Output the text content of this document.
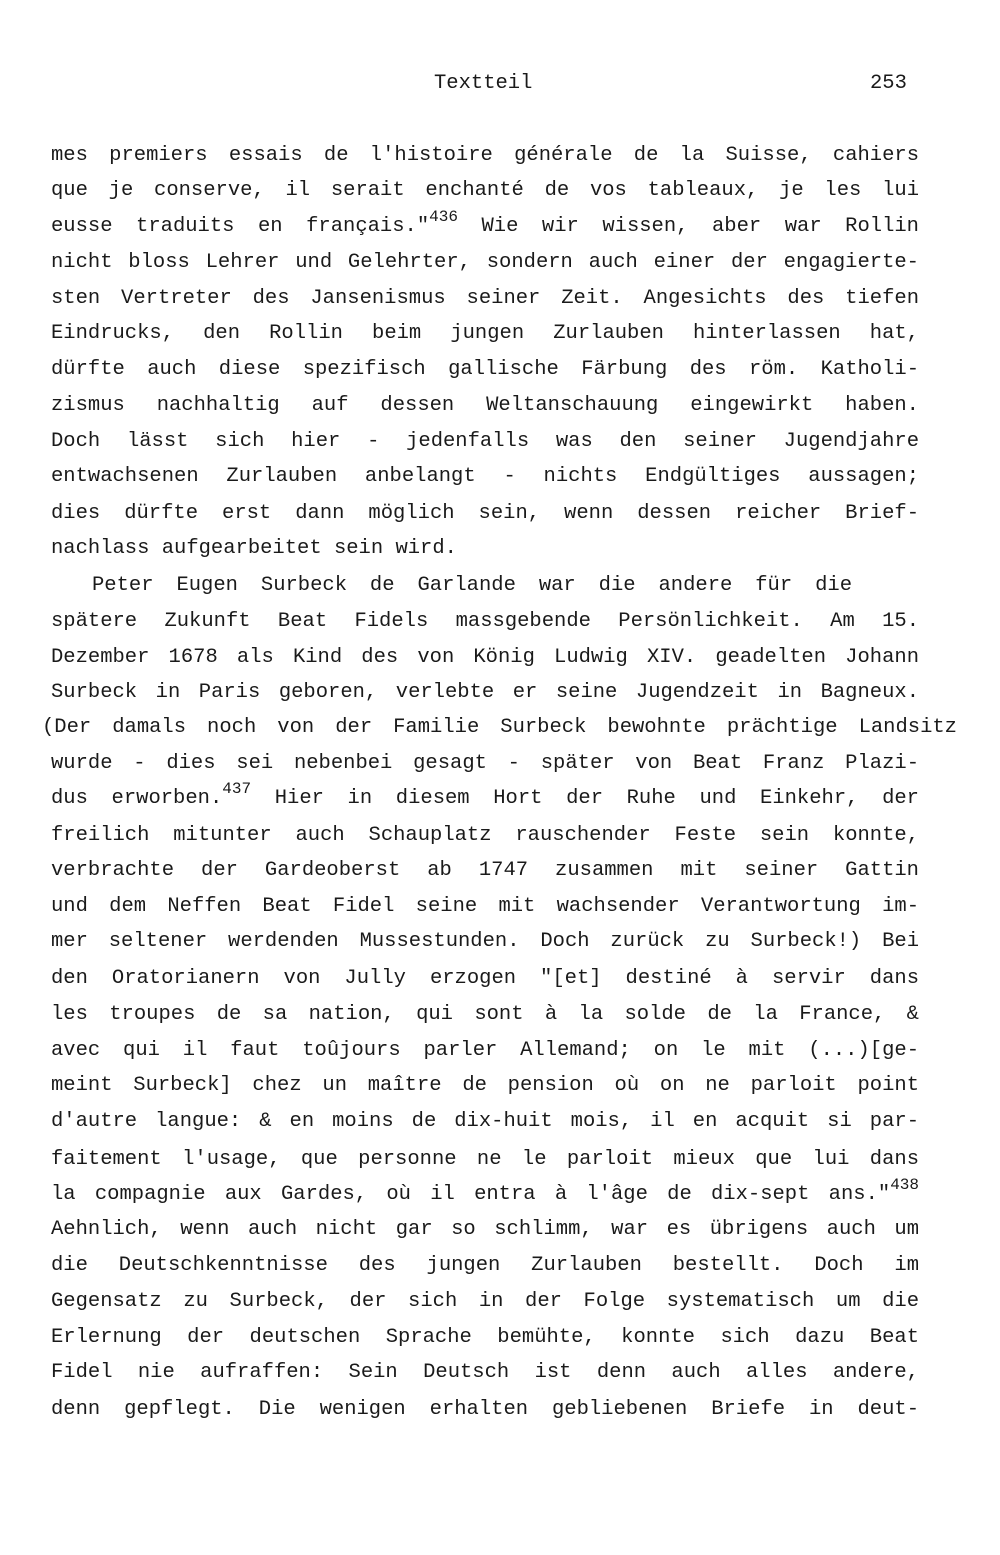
Textteil	253
mes premiers essais de l'histoire générale de la Suisse, cahiers
que je conserve, il serait enchanté de vos tableaux, je les lui
eusse traduits en français."$^{436}$ Wie wir wissen, aber war Rollin
nicht bloss Lehrer und Gelehrter, sondern auch einer der engagierte-
sten Vertreter des Jansenismus seiner Zeit. Angesichts des tiefen
Eindrucks, den Rollin beim jungen Zurlauben hinterlassen hat,
dürfte auch diese spezifisch gallische Färbung des röm. Katholi-
zismus nachhaltig auf dessen Weltanschauung eingewirkt haben.
Doch lässt sich hier - jedenfalls was den seiner Jugendjahre
entwachsenen Zurlauben anbelangt - nichts Endgültiges aussagen;
dies dürfte erst dann möglich sein, wenn dessen reicher Brief-
nachlass aufgearbeitet sein wird.
Peter Eugen Surbeck de Garlande war die andere für die
spätere Zukunft Beat Fidels massgebende Persönlichkeit. Am 15.
Dezember 1678 als Kind des von König Ludwig XIV. geadelten Johann
Surbeck in Paris geboren, verlebte er seine Jugendzeit in Bagneux.
(Der damals noch von der Familie Surbeck bewohnte prächtige Landsitz
wurde - dies sei nebenbei gesagt - später von Beat Franz Plazi-
dus erworben.$^{437}$ Hier in diesem Hort der Ruhe und Einkehr, der
freilich mitunter auch Schauplatz rauschender Feste sein konnte,
verbrachte der Gardeoberst ab 1747 zusammen mit seiner Gattin
und dem Neffen Beat Fidel seine mit wachsender Verantwortung im-
mer seltener werdenden Mussestunden. Doch zurück zu Surbeck!) Bei
den Oratorianern von Jully erzogen "[et] destiné à servir dans
les troupes de sa nation, qui sont à la solde de la France, &
avec qui il faut toûjours parler Allemand; on le mit (...)[ge-
meint Surbeck] chez un maître de pension où on ne parloit point
d'autre langue: & en moins de dix-huit mois, il en acquit si par-
faitement l'usage, que personne ne le parloit mieux que lui dans
la compagnie aux Gardes, où il entra à l'âge de dix-sept ans."$^{438}$
Aehnlich, wenn auch nicht gar so schlimm, war es übrigens auch um
die Deutschkenntnisse des jungen Zurlauben bestellt. Doch im
Gegensatz zu Surbeck, der sich in der Folge systematisch um die
Erlernung der deutschen Sprache bemühte, konnte sich dazu Beat
Fidel nie aufraffen: Sein Deutsch ist denn auch alles andere,
denn gepflegt. Die wenigen erhalten gebliebenen Briefe in deut-
